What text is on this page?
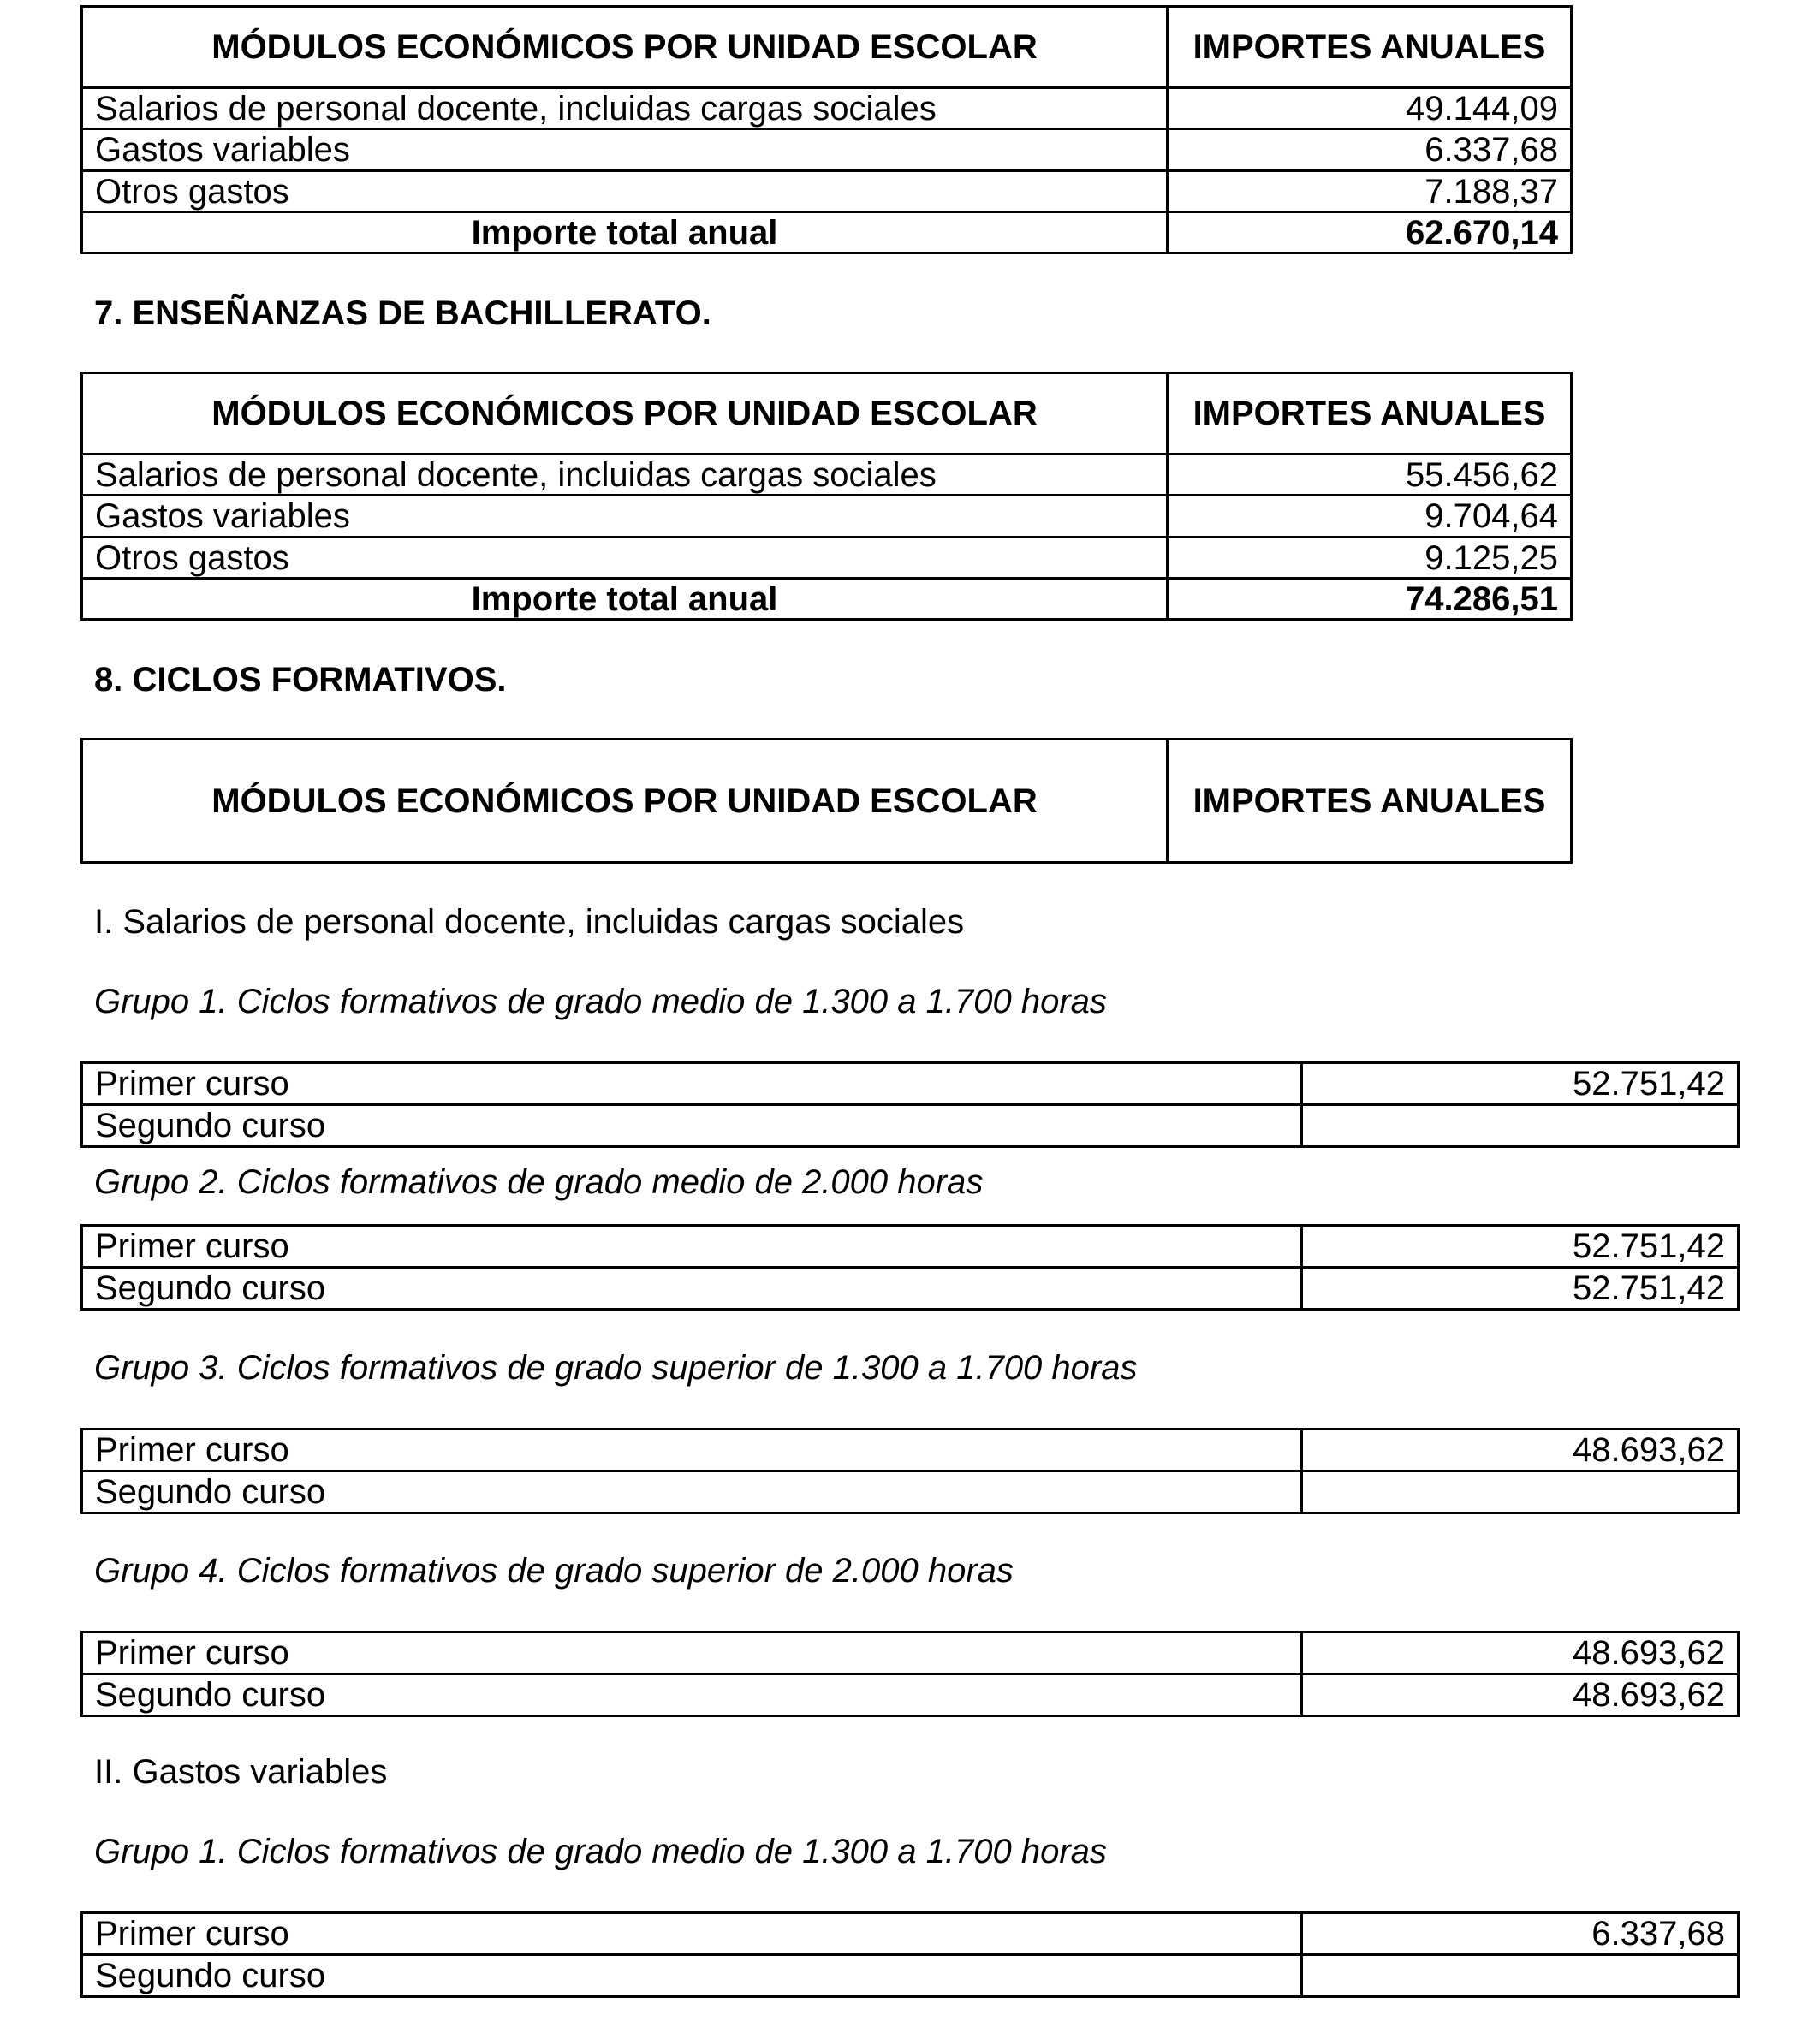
MÓDULOS ECONÓMICOS POR UNIDAD ESCOLAR	IMPORTES ANUALES
Salarios de personal docente, incluidas cargas sociales	49.144,09
Gastos variables	6.337,68
Otros gastos	7.188,37
Importe total anual	62.670,14
7. ENSEÑANZAS DE BACHILLERATO.
MÓDULOS ECONÓMICOS POR UNIDAD ESCOLAR	IMPORTES ANUALES
Salarios de personal docente, incluidas cargas sociales	55.456,62
Gastos variables	9.704,64
Otros gastos	9.125,25
Importe total anual	74.286,51
8. CICLOS FORMATIVOS.
MÓDULOS ECONÓMICOS POR UNIDAD ESCOLAR	IMPORTES ANUALES
I. Salarios de personal docente, incluidas cargas sociales
Grupo 1. Ciclos formativos de grado medio de 1.300 a 1.700 horas
Primer curso	52.751,42
Segundo curso	
Grupo 2. Ciclos formativos de grado medio de 2.000 horas
Primer curso	52.751,42
Segundo curso	52.751,42
Grupo 3. Ciclos formativos de grado superior de 1.300 a 1.700 horas
Primer curso	48.693,62
Segundo curso	
Grupo 4. Ciclos formativos de grado superior de 2.000 horas
Primer curso	48.693,62
Segundo curso	48.693,62
II. Gastos variables
Grupo 1. Ciclos formativos de grado medio de 1.300 a 1.700 horas
Primer curso	6.337,68
Segundo curso	
